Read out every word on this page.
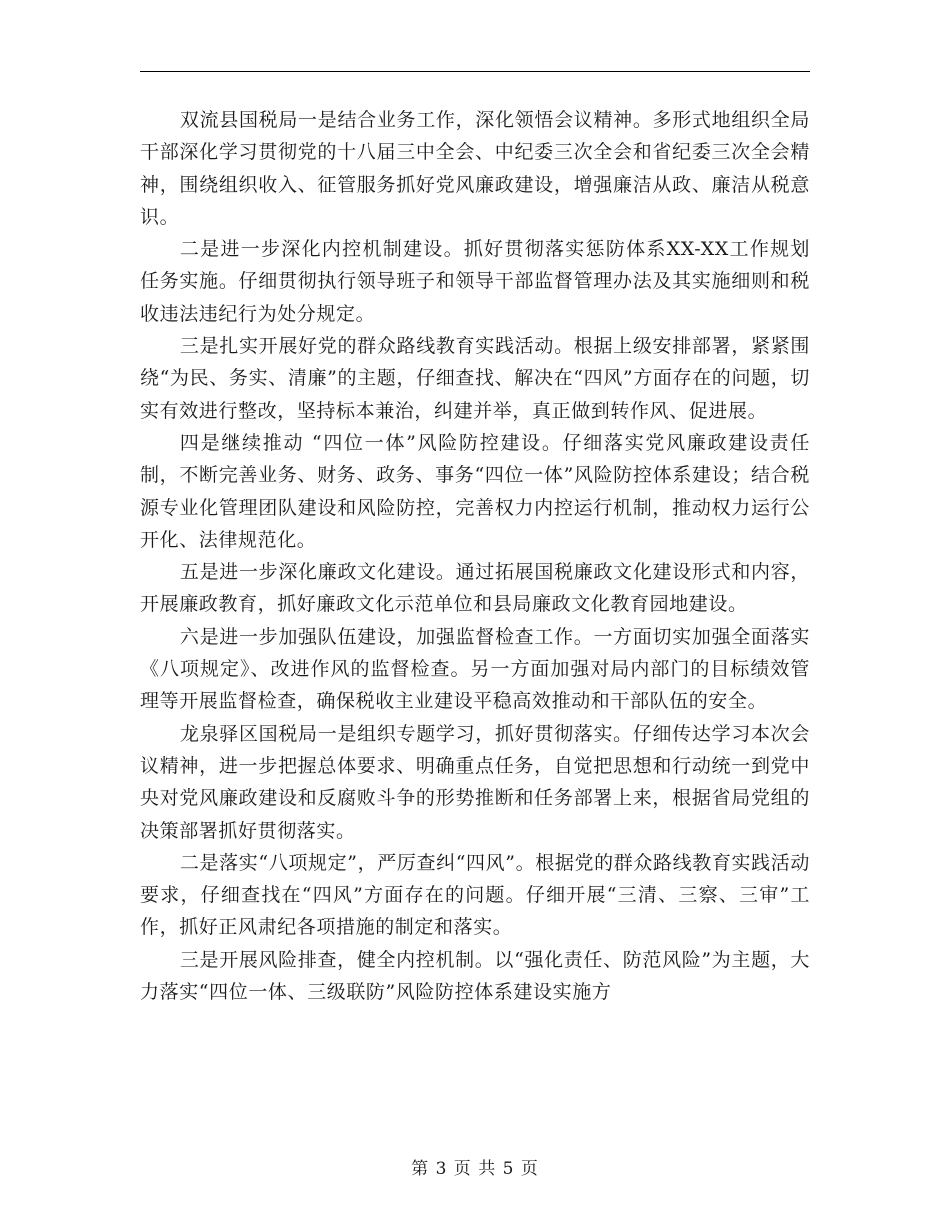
双流县国税局一是结合业务工作，深化领悟会议精神。多形式地组织全局干部深化学习贯彻党的十八届三中全会、中纪委三次全会和省纪委三次全会精神，围绕组织收入、征管服务抓好党风廉政建设，增强廉洁从政、廉洁从税意识。

二是进一步深化内控机制建设。抓好贯彻落实惩防体系XX-XX工作规划任务实施。仔细贯彻执行领导班子和领导干部监督管理办法及其实施细则和税收违法违纪行为处分规定。

三是扎实开展好党的群众路线教育实践活动。根据上级安排部署，紧紧围绕“为民、务实、清廉”的主题，仔细查找、解决在“四风”方面存在的问题，切实有效进行整改，坚持标本兼治，纠建并举，真正做到转作风、促进展。

四是继续推动 “四位一体”风险防控建设。仔细落实党风廉政建设责任制，不断完善业务、财务、政务、事务“四位一体”风险防控体系建设；结合税源专业化管理团队建设和风险防控，完善权力内控运行机制，推动权力运行公开化、法律规范化。

五是进一步深化廉政文化建设。通过拓展国税廉政文化建设形式和内容，开展廉政教育，抓好廉政文化示范单位和县局廉政文化教育园地建设。

六是进一步加强队伍建设，加强监督检查工作。一方面切实加强全面落实《八项规定》、改进作风的监督检查。另一方面加强对局内部门的目标绩效管理等开展监督检查，确保税收主业建设平稳高效推动和干部队伍的安全。

龙泉驿区国税局一是组织专题学习，抓好贯彻落实。仔细传达学习本次会议精神，进一步把握总体要求、明确重点任务，自觉把思想和行动统一到党中央对党风廉政建设和反腐败斗争的形势推断和任务部署上来，根据省局党组的决策部署抓好贯彻落实。

二是落实“八项规定”，严厉查纠“四风”。根据党的群众路线教育实践活动要求，仔细查找在“四风”方面存在的问题。仔细开展“三清、三察、三审”工作，抓好正风肃纪各项措施的制定和落实。

三是开展风险排查，健全内控机制。以“强化责任、防范风险”为主题，大力落实“四位一体、三级联防”风险防控体系建设实施方

第 3 页 共 5 页
